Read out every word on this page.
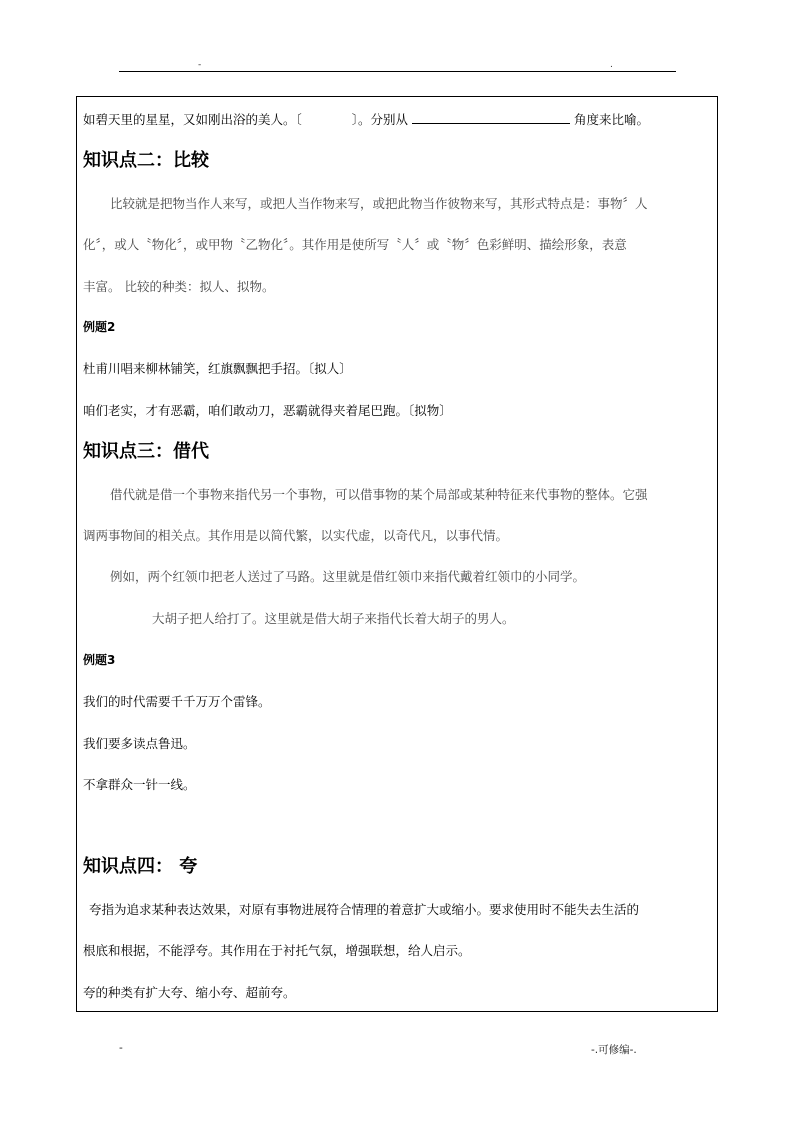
-	.
如碧天里的星星，又如刚出浴的美人。〔　　　　〕。分别从	角度来比喻。
知识点二：比较
比较就是把物当作人来写，或把人当作物来写，或把此物当作彼物来写，其形式特点是：事物〞人
化〞，或人〝物化〞，或甲物〝乙物化〞。其作用是使所写〝人〞或〝物〞色彩鲜明、描绘形象，表意
丰富。 比较的种类：拟人、拟物。
例题2
杜甫川唱来柳林铺笑，红旗飘飘把手招。〔拟人〕
咱们老实，才有恶霸，咱们敢动刀，恶霸就得夹着尾巴跑。〔拟物〕
知识点三：借代
借代就是借一个事物来指代另一个事物，可以借事物的某个局部或某种特征来代事物的整体。它强
调两事物间的相关点。其作用是以简代繁，以实代虚，以奇代凡，以事代情。
例如，两个红领巾把老人送过了马路。这里就是借红领巾来指代戴着红领巾的小同学。
大胡子把人给打了。这里就是借大胡子来指代长着大胡子的男人。
例题3
我们的时代需要千千万万个雷锋。
我们要多读点鲁迅。
不拿群众一针一线。
知识点四： 夸
夸指为追求某种表达效果，对原有事物进展符合情理的着意扩大或缩小。要求使用时不能失去生活的
根底和根据，不能浮夸。其作用在于衬托气氛，增强联想，给人启示。
夸的种类有扩大夸、缩小夸、超前夸。
-	-.可修编-.
